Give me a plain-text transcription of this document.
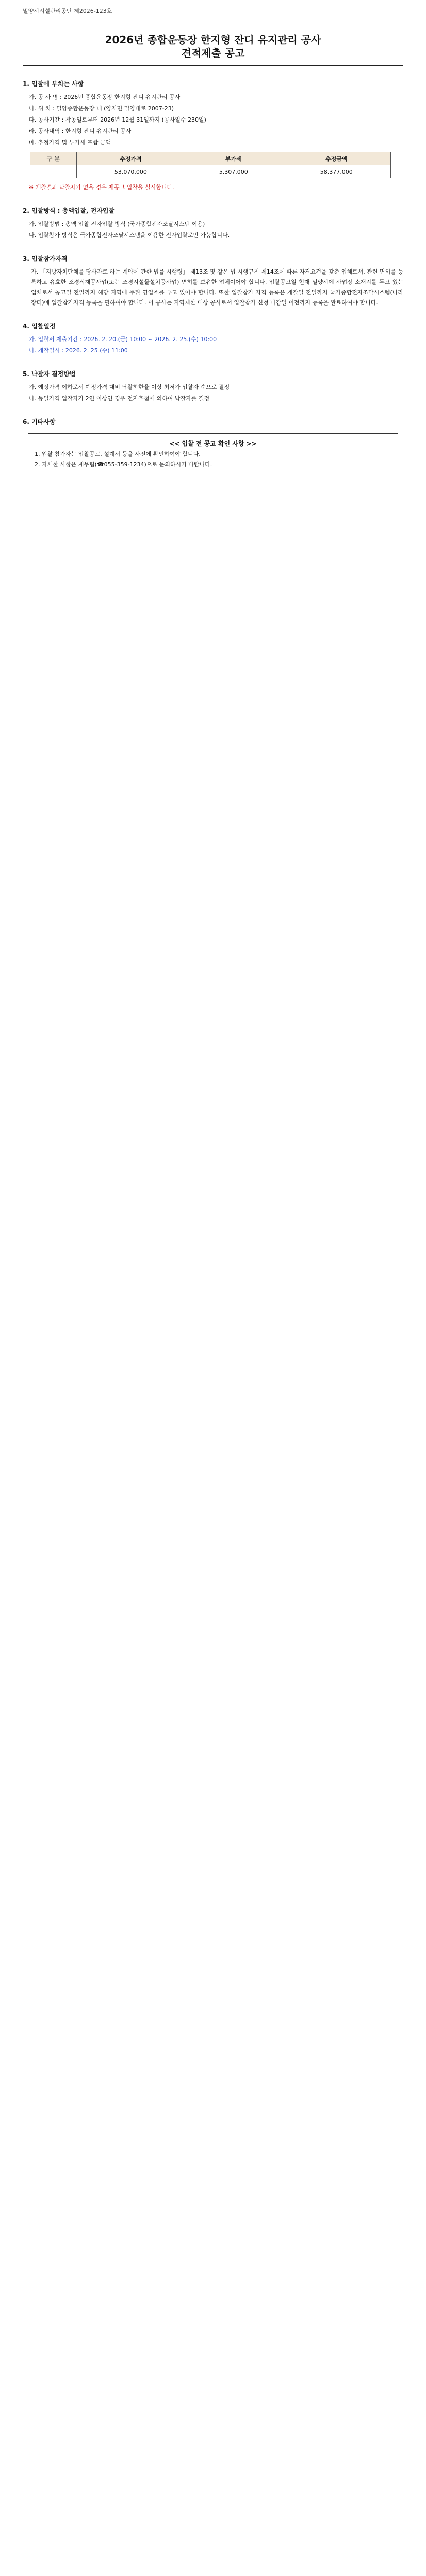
밀양시시설관리공단 제2026-123호
2026년 종합운동장 한지형 잔디 유지관리 공사
견적제출 공고
1. 입찰에 부치는 사항
가. 공 사 명 : 2026년 종합운동장 한지형 잔디 유지관리 공사
나. 위 치 : 밀양종합운동장 내 (양지면 밀양대로 2007-23)
다. 공사기간 : 착공일로부터 2026년 12월 31일까지 (공사일수 230일)
라. 공사내역 : 한지형 잔디 유지관리 공사
마. 추정가격 및 부가세 포함 금액
구 분	추정가격	부가세	추정금액
	53,070,000	5,307,000	58,377,000
※ 개찰결과 낙찰자가 없을 경우 재공고 입찰을 실시합니다.
2. 입찰방식 : 총액입찰, 전자입찰
가. 입찰방법 : 총액 입찰 전자입찰 방식 (국가종합전자조달시스템 이용)
나. 입찰참가 방식은 국가종합전자조달시스템을 이용한 전자입찰로만 가능합니다.
3. 입찰참가자격
가. 「지방자치단체를 당사자로 하는 계약에 관한 법률 시행령」 제13조 및 같은 법 시행규칙 제14조에 따른 자격요건을 갖춘 업체로서, 관련 면허를 등록하고 유효한 조경식재공사업(또는 조경시설물설치공사업) 면허를 보유한 업체이어야 합니다. 입찰공고일 현재 밀양시에 사업장 소재지를 두고 있는 업체로서 공고일 전일까지 해당 지역에 주된 영업소를 두고 있어야 합니다. 또한 입찰참가 자격 등록은 개찰일 전일까지 국가종합전자조달시스템(나라장터)에 입찰참가자격 등록을 필하여야 합니다. 이 공사는 지역제한 대상 공사로서 입찰참가 신청 마감일 이전까지 등록을 완료하여야 합니다.
4. 입찰일정
가. 입찰서 제출기간 : 2026. 2. 20.(금) 10:00 ~ 2026. 2. 25.(수) 10:00
나. 개찰일시 : 2026. 2. 25.(수) 11:00
5. 낙찰자 결정방법
가. 예정가격 이하로서 예정가격 대비 낙찰하한율 이상 최저가 입찰자 순으로 결정
나. 동일가격 입찰자가 2인 이상인 경우 전자추첨에 의하여 낙찰자를 결정
6. 기타사항
<< 입찰 전 공고 확인 사항 >>
1. 입찰 참가자는 입찰공고, 설계서 등을 사전에 확인하여야 합니다.
2. 자세한 사항은 재무팀(☎055-359-1234)으로 문의하시기 바랍니다.
